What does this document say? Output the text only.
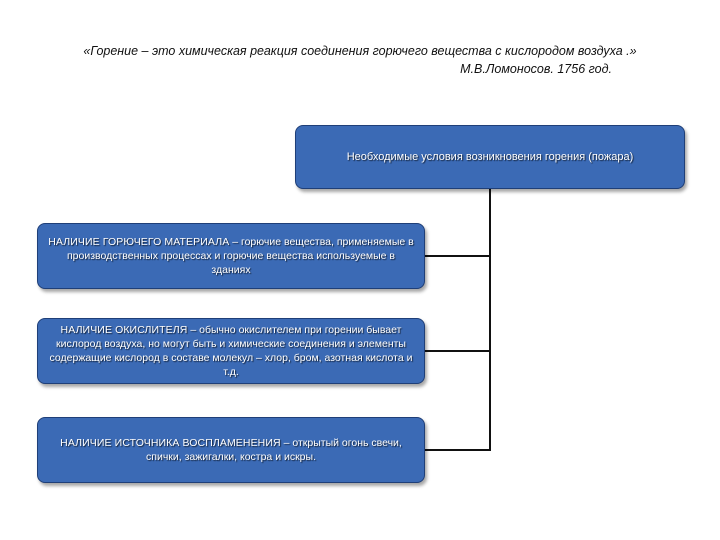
«Горение – это химическая реакция соединения горючего вещества с кислородом воздуха .»
М.В.Ломоносов. 1756 год.
Необходимые условия возникновения горения (пожара)
НАЛИЧИЕ ГОРЮЧЕГО МАТЕРИАЛА – горючие вещества, применяемые в производственных процессах и горючие вещества используемые в зданиях
НАЛИЧИЕ ОКИСЛИТЕЛЯ – обычно окислителем при горении бывает кислород воздуха, но могут быть и химические соединения и элементы содержащие кислород в составе молекул – хлор, бром, азотная кислота и т.д.
НАЛИЧИЕ ИСТОЧНИКА ВОСПЛАМЕНЕНИЯ – открытый огонь свечи, спички, зажигалки, костра и искры.
